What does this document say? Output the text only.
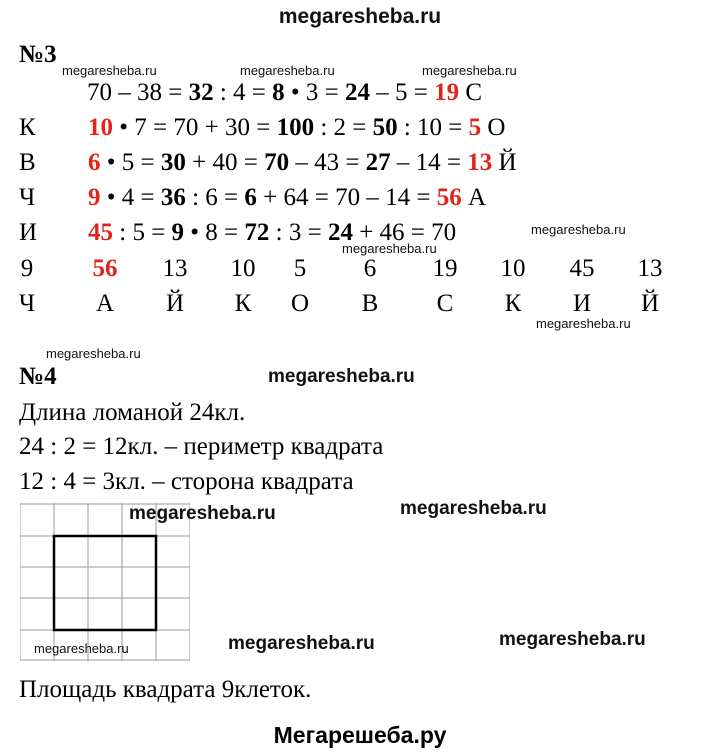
megaresheba.ru
№3
70 – 38 = 32 : 4 = 8 • 3 = 24 – 5 = 19 С
К 10 • 7 = 70 + 30 = 100 : 2 = 50 : 10 = 5 О
В 6 • 5 = 30 + 40 = 70 – 43 = 27 – 14 = 13 Й
Ч 9 • 4 = 36 : 6 = 6 + 64 = 70 – 14 = 56 А
И 45 : 5 = 9 • 8 = 72 : 3 = 24 + 46 = 70
9 56 13 10 5 6 19 10 45 13
Ч А Й К О В С К И Й
№4
Длина ломаной 24кл.
24 : 2 = 12кл. – периметр квадрата
12 : 4 = 3кл. – сторона квадрата
Площадь квадрата 9клеток.
megaresheba.ru	megaresheba.ru	megaresheba.ru
megaresheba.ru
megaresheba.ru
megaresheba.ru
megaresheba.ru
megaresheba.ru
megaresheba.ru	megaresheba.ru
megaresheba.ru	megaresheba.ru	megaresheba.ru
Мегарешеба.ру
